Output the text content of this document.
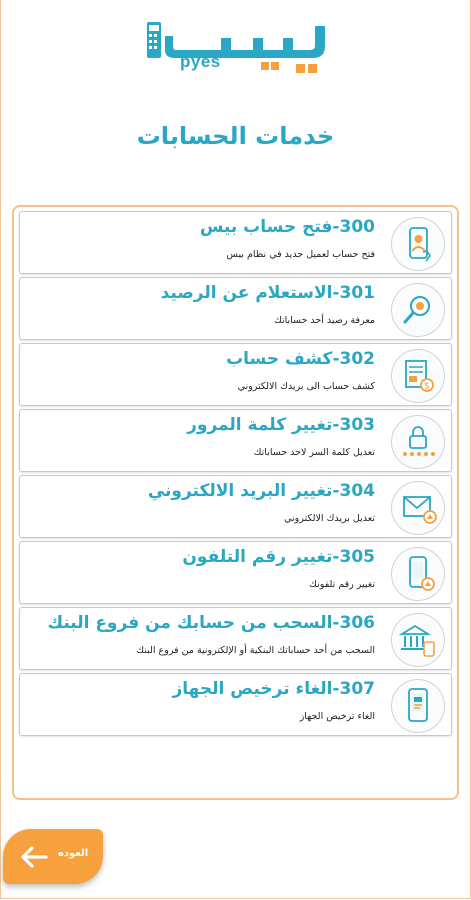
pyes
خدمات الحسابات
300-فتح حساب بيس
فتح حساب لعميل جديد في نظام بيس
301-الاستعلام عن الرصيد
معرفة رصيد أحد حساباتك
$
302-كشف حساب
كشف حساب الى بريدك الالكتروني
303-تغيير كلمة المرور
تعديل كلمة السر لاحد حساباتك
304-تغيير البريد الالكتروني
تعديل بريدك الالكتروني
305-تغيير رقم التلفون
تغيير رقم تلفونك
306-السحب من حسابك من فروع البنك
السحب من أحد حساباتك البنكية أو الإلكترونية من فروع البنك
307-الغاء ترخيص الجهاز
الغاء ترخيص الجهاز
العوده
